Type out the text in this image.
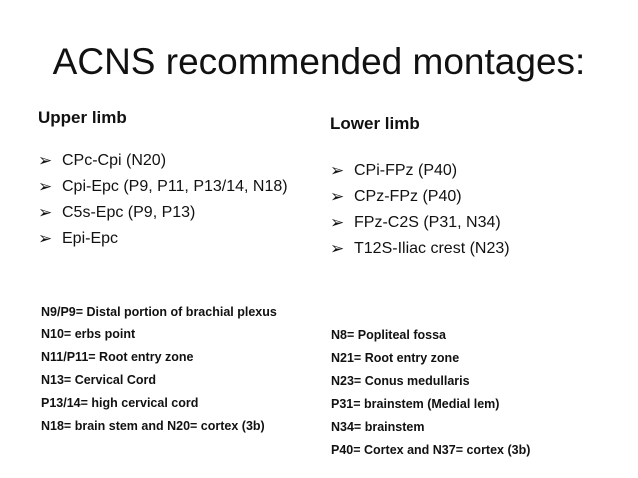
ACNS recommended montages:
Upper limb
➢ CPc-Cpi (N20)
➢ Cpi-Epc (P9, P11, P13/14, N18)
➢ C5s-Epc (P9, P13)
➢ Epi-Epc
N9/P9= Distal portion of brachial plexus
N10= erbs point
N11/P11= Root entry zone
N13= Cervical Cord
P13/14= high cervical cord
N18= brain stem and N20= cortex (3b)
Lower limb
➢ CPi-FPz (P40)
➢ CPz-FPz (P40)
➢ FPz-C2S (P31, N34)
➢ T12S-Iliac crest (N23)
N8= Popliteal fossa
N21= Root entry zone
N23= Conus medullaris
P31= brainstem (Medial lem)
N34= brainstem
P40= Cortex and N37= cortex (3b)
